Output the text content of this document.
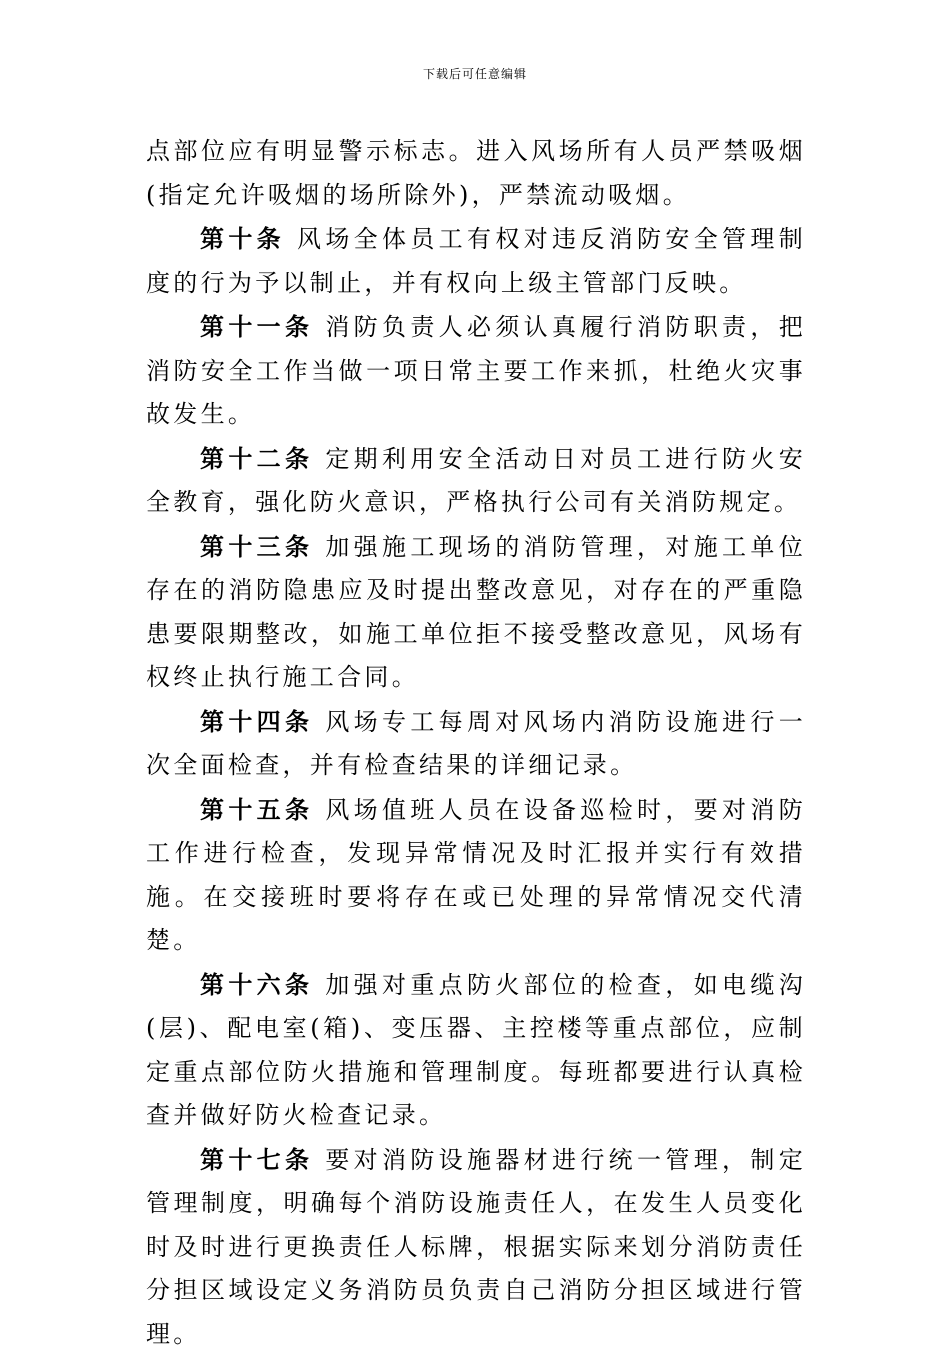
下载后可任意编辑

点部位应有明显警示标志。进入风场所有人员严禁吸烟(指定允许吸烟的场所除外)，严禁流动吸烟。

第十条 风场全体员工有权对违反消防安全管理制度的行为予以制止，并有权向上级主管部门反映。

第十一条 消防负责人必须认真履行消防职责，把消防安全工作当做一项日常主要工作来抓，杜绝火灾事故发生。

第十二条 定期利用安全活动日对员工进行防火安全教育，强化防火意识，严格执行公司有关消防规定。

第十三条 加强施工现场的消防管理，对施工单位存在的消防隐患应及时提出整改意见，对存在的严重隐患要限期整改，如施工单位拒不接受整改意见，风场有权终止执行施工合同。

第十四条 风场专工每周对风场内消防设施进行一次全面检查，并有检查结果的详细记录。

第十五条 风场值班人员在设备巡检时，要对消防工作进行检查，发现异常情况及时汇报并实行有效措施。在交接班时要将存在或已处理的异常情况交代清楚。

第十六条 加强对重点防火部位的检查，如电缆沟(层)、配电室(箱)、变压器、主控楼等重点部位，应制定重点部位防火措施和管理制度。每班都要进行认真检查并做好防火检查记录。

第十七条 要对消防设施器材进行统一管理，制定管理制度，明确每个消防设施责任人，在发生人员变化时及时进行更换责任人标牌，根据实际来划分消防责任分担区域设定义务消防员负责自己消防分担区域进行管理。
